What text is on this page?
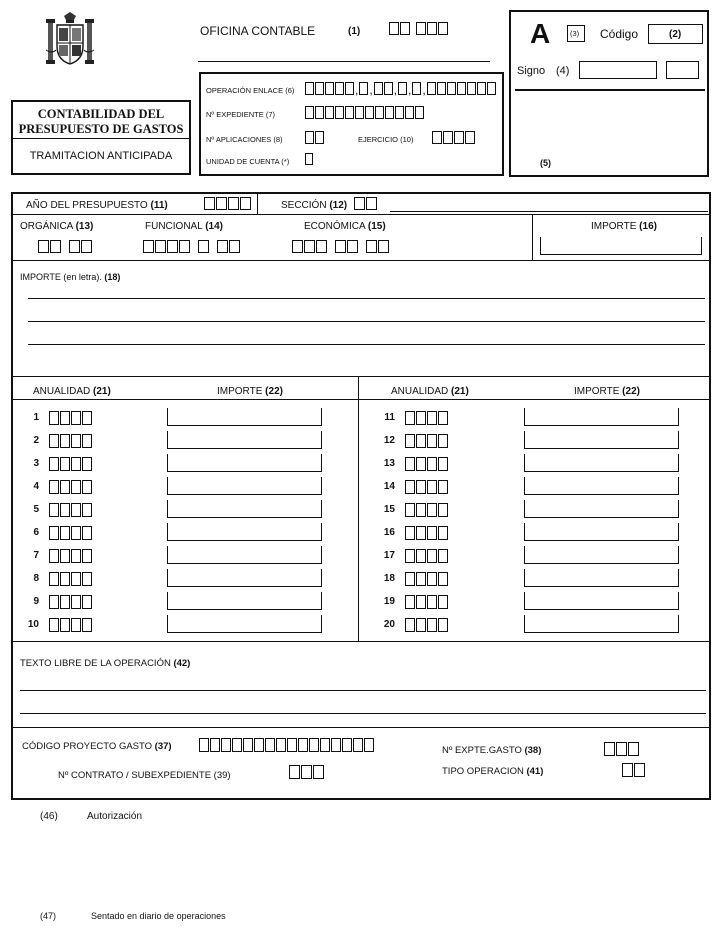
OFICINA CONTABLE	(1)	A	(3) Código	(2)
Signo (4)
(5)
CONTABILIDAD DEL
PRESUPUESTO DE GASTOS
TRAMITACION ANTICIPADA
OPERACIÓN ENLACE (6)	, , , , ,
Nº EXPEDIENTE (7)
Nº APLICACIONES (8)	EJERCICIO (10)
UNIDAD DE CUENTA (*)
AÑO DEL PRESUPUESTO (11)	SECCIÓN (12)
ORGÁNICA (13)	FUNCIONAL (14)	ECONÓMICA (15)	IMPORTE (16)
IMPORTE (en letra). (18)
ANUALIDAD (21)	IMPORTE (22)	ANUALIDAD (21)	IMPORTE (22)
1
2
3
4
5
6
7
8
9
10
11
12
13
14
15
16
17
18
19
20
TEXTO LIBRE DE LA OPERACIÓN (42)
CÓDIGO PROYECTO GASTO (37)	Nº EXPTE.GASTO (38)
Nº CONTRATO / SUBEXPEDIENTE (39)	TIPO OPERACION (41)
(46)	Autorización
(47)	Sentado en diario de operaciones
